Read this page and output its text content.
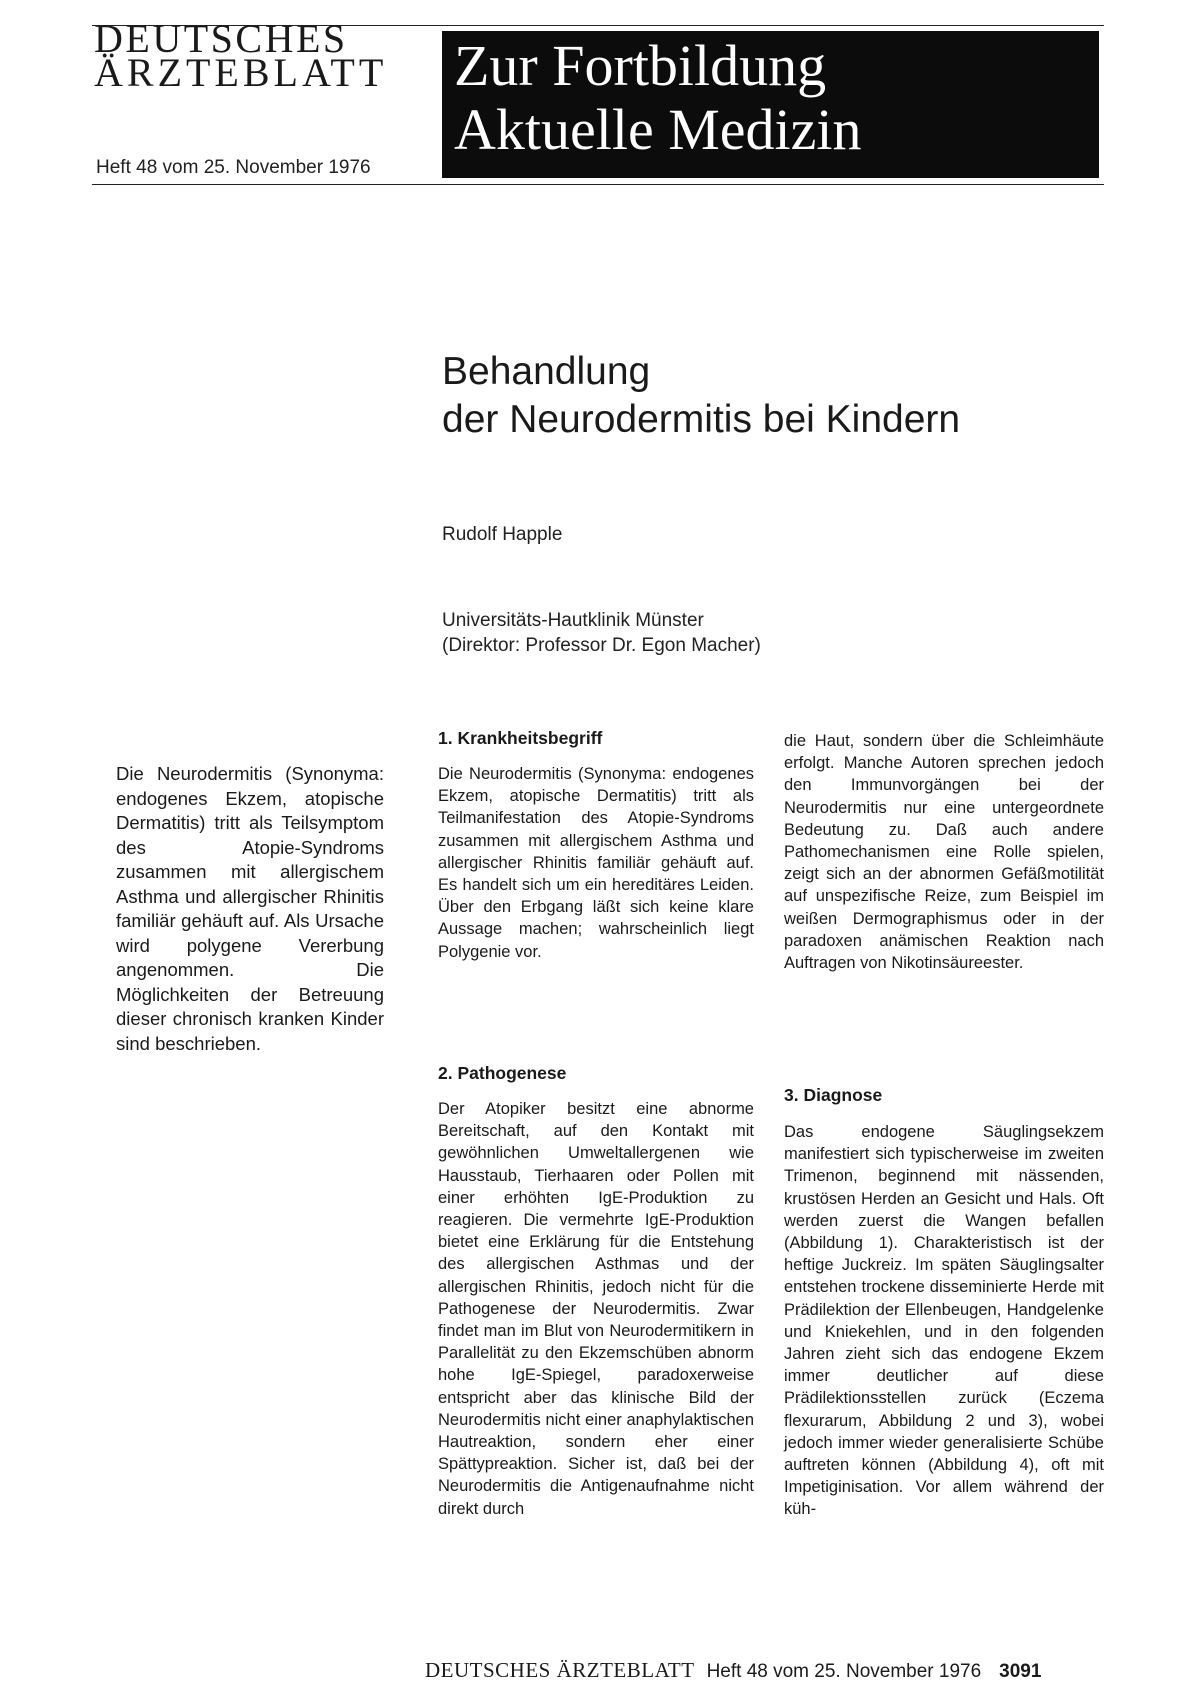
DEUTSCHES
ÄRZTEBLATT
Heft 48 vom 25. November 1976
Zur Fortbildung
Aktuelle Medizin
Behandlung
der Neurodermitis bei Kindern
Rudolf Happle
Universitäts-Hautklinik Münster
(Direktor: Professor Dr. Egon Macher)
Die Neurodermitis (Synonyma: endogenes Ekzem, atopische Dermatitis) tritt als Teilsymptom des Atopie-Syndroms zusammen mit allergischem Asthma und allergischer Rhinitis familiär gehäuft auf. Als Ursache wird polygene Vererbung angenommen. Die Möglichkeiten der Betreuung dieser chronisch kranken Kinder sind beschrieben.
1. Krankheitsbegriff
Die Neurodermitis (Synonyma: endogenes Ekzem, atopische Dermatitis) tritt als Teilmanifestation des Atopie-Syndroms zusammen mit allergischem Asthma und allergischer Rhinitis familiär gehäuft auf. Es handelt sich um ein hereditäres Leiden. Über den Erbgang läßt sich keine klare Aussage machen; wahrscheinlich liegt Polygenie vor.
2. Pathogenese
Der Atopiker besitzt eine abnorme Bereitschaft, auf den Kontakt mit gewöhnlichen Umweltallergenen wie Hausstaub, Tierhaaren oder Pollen mit einer erhöhten IgE-Produktion zu reagieren. Die vermehrte IgE-Produktion bietet eine Erklärung für die Entstehung des allergischen Asthmas und der allergischen Rhinitis, jedoch nicht für die Pathogenese der Neurodermitis. Zwar findet man im Blut von Neurodermitikern in Parallelität zu den Ekzemschüben abnorm hohe IgE-Spiegel, paradoxerweise entspricht aber das klinische Bild der Neurodermitis nicht einer anaphylaktischen Hautreaktion, sondern eher einer Spättypreaktion. Sicher ist, daß bei der Neurodermitis die Antigenaufnahme nicht direkt durch
die Haut, sondern über die Schleimhäute erfolgt. Manche Autoren sprechen jedoch den Immunvorgängen bei der Neurodermitis nur eine untergeordnete Bedeutung zu. Daß auch andere Pathomechanismen eine Rolle spielen, zeigt sich an der abnormen Gefäßmotilität auf unspezifische Reize, zum Beispiel im weißen Dermographismus oder in der paradoxen anämischen Reaktion nach Auftragen von Nikotinsäureester.
3. Diagnose
Das endogene Säuglingsekzem manifestiert sich typischerweise im zweiten Trimenon, beginnend mit nässenden, krustösen Herden an Gesicht und Hals. Oft werden zuerst die Wangen befallen (Abbildung 1). Charakteristisch ist der heftige Juckreiz. Im späten Säuglingsalter entstehen trockene disseminierte Herde mit Prädilektion der Ellenbeugen, Handgelenke und Kniekehlen, und in den folgenden Jahren zieht sich das endogene Ekzem immer deutlicher auf diese Prädilektionsstellen zurück (Eczema flexurarum, Abbildung 2 und 3), wobei jedoch immer wieder generalisierte Schübe auftreten können (Abbildung 4), oft mit Impetiginisation. Vor allem während der küh-
DEUTSCHES ÄRZTEBLATT Heft 48 vom 25. November 1976 3091
